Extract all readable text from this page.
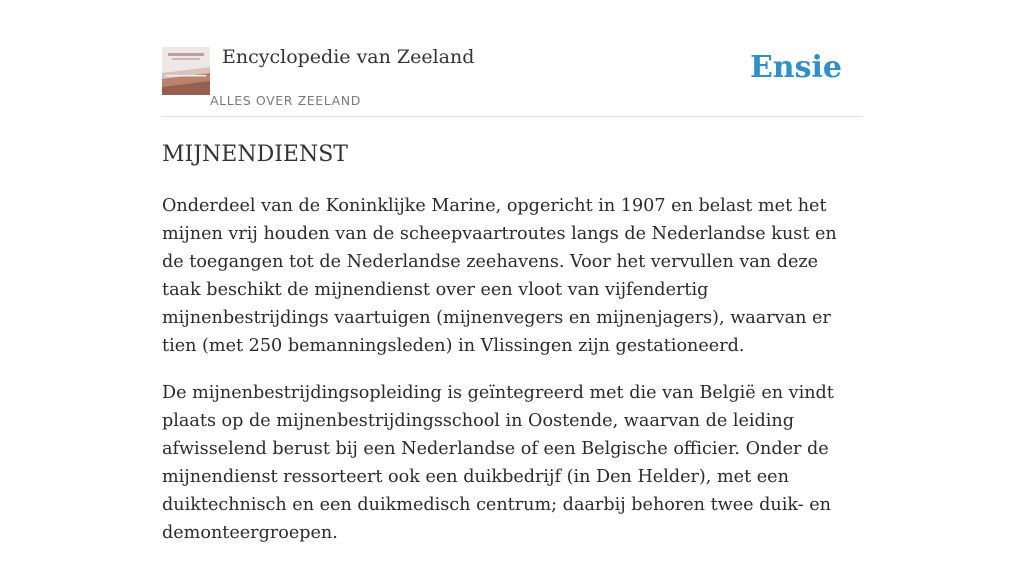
Encyclopedie van Zeeland
ALLES OVER ZEELAND
Ensie
MIJNENDIENST

Onderdeel van de Koninklijke Marine, opgericht in 1907 en belast met het mijnen vrij houden van de scheepvaartroutes langs de Nederlandse kust en de toegangen tot de Nederlandse zeehavens. Voor het vervullen van deze taak beschikt de mijnendienst over een vloot van vijfendertig mijnenbestrijdings vaartuigen (mijnenvegers en mijnenjagers), waarvan er tien (met 250 bemanningsleden) in Vlissingen zijn gestationeerd.

De mijnenbestrijdingsopleiding is geïntegreerd met die van België en vindt plaats op de mijnenbestrijdingsschool in Oostende, waarvan de leiding afwisselend berust bij een Nederlandse of een Belgische officier. Onder de mijnendienst ressorteert ook een duikbedrijf (in Den Helder), met een duiktechnisch en een duikmedisch centrum; daarbij behoren twee duik- en demonteergroepen.
